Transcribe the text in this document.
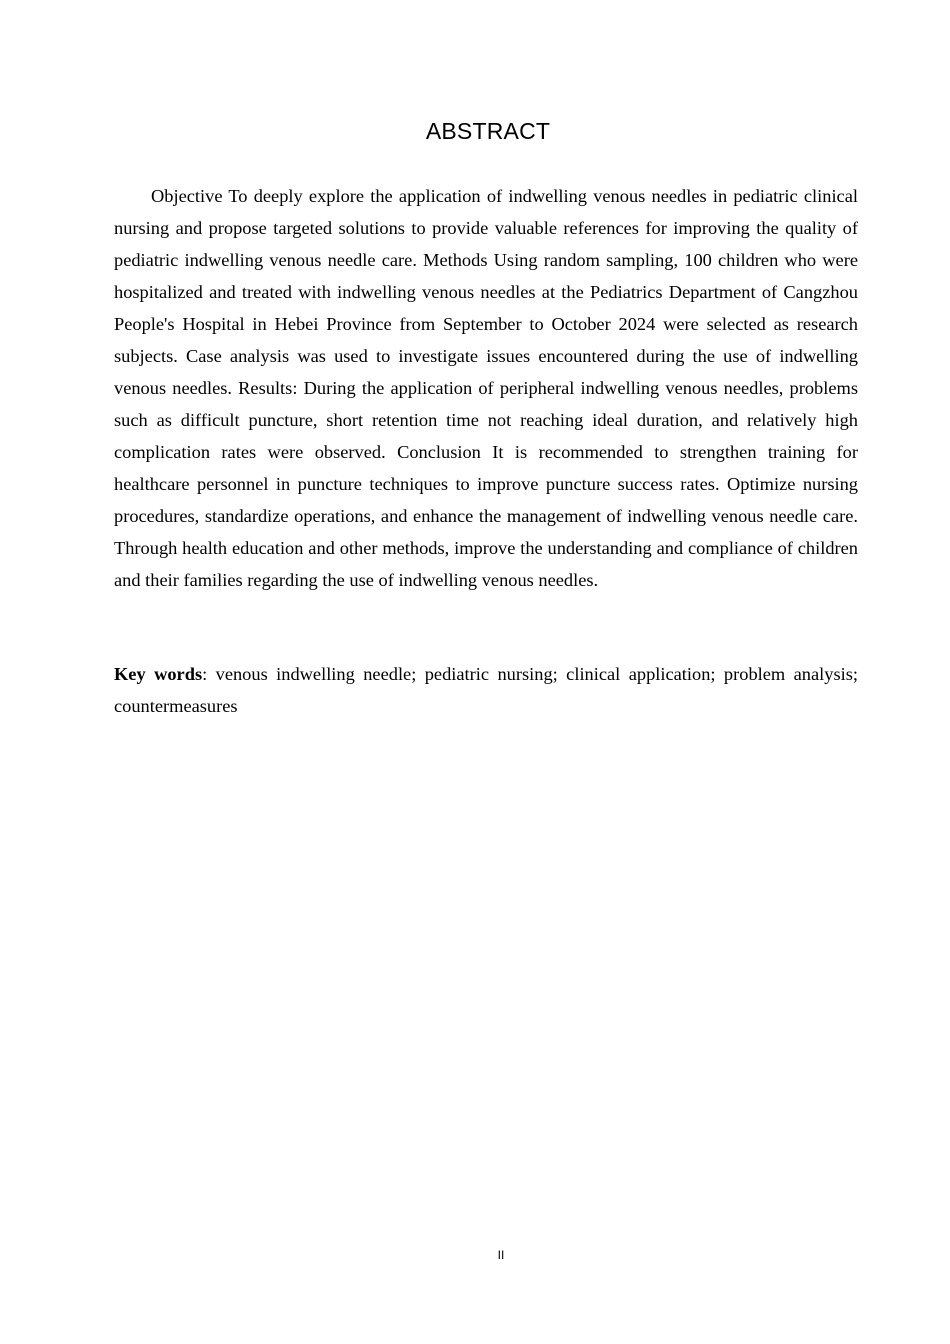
ABSTRACT

Objective To deeply explore the application of indwelling venous needles in pediatric clinical nursing and propose targeted solutions to provide valuable references for improving the quality of pediatric indwelling venous needle care. Methods Using random sampling, 100 children who were hospitalized and treated with indwelling venous needles at the Pediatrics Department of Cangzhou People's Hospital in Hebei Province from September to October 2024 were selected as research subjects. Case analysis was used to investigate issues encountered during the use of indwelling venous needles. Results: During the application of peripheral indwelling venous needles, problems such as difficult puncture, short retention time not reaching ideal duration, and relatively high complication rates were observed. Conclusion It is recommended to strengthen training for healthcare personnel in puncture techniques to improve puncture success rates. Optimize nursing procedures, standardize operations, and enhance the management of indwelling venous needle care. Through health education and other methods, improve the understanding and compliance of children and their families regarding the use of indwelling venous needles.

Key words: venous indwelling needle; pediatric nursing; clinical application; problem analysis; countermeasures

II
